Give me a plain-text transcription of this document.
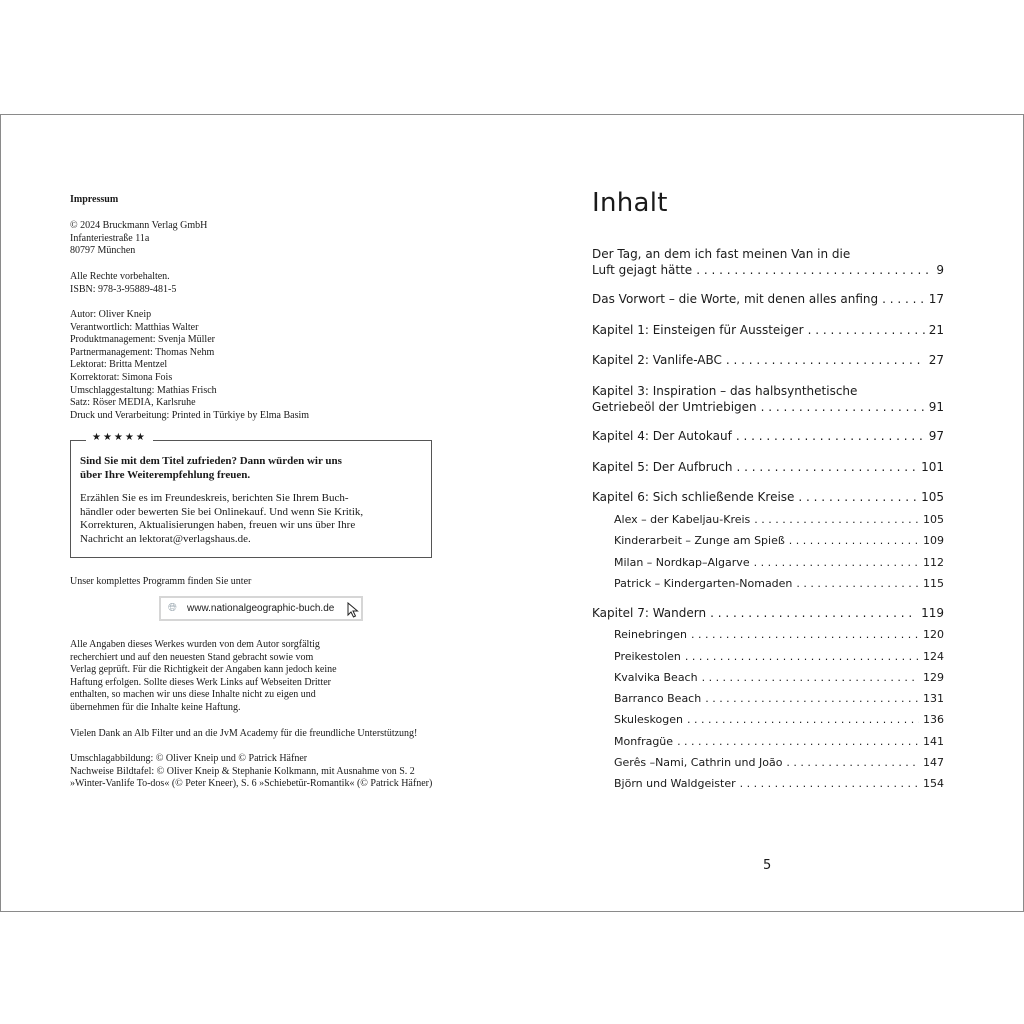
Impressum
© 2024 Bruckmann Verlag GmbH
Infanteriestraße 11a
80797 München
Alle Rechte vorbehalten.
ISBN: 978-3-95889-481-5
Autor: Oliver Kneip
Verantwortlich: Matthias Walter
Produktmanagement: Svenja Müller
Partnermanagement: Thomas Nehm
Lektorat: Britta Mentzel
Korrektorat: Simona Fois
Umschlaggestaltung: Mathias Frisch
Satz: Röser MEDIA, Karlsruhe
Druck und Verarbeitung: Printed in Türkiye by Elma Basim
★★★★★
Sind Sie mit dem Titel zufrieden? Dann würden wir uns
über Ihre Weiterempfehlung freuen.
Erzählen Sie es im Freundeskreis, berichten Sie Ihrem Buch-
händler oder bewerten Sie bei Onlinekauf. Und wenn Sie Kritik,
Korrekturen, Aktualisierungen haben, freuen wir uns über Ihre
Nachricht an lektorat@verlagshaus.de.
Unser komplettes Programm finden Sie unter
🌐︎ www.nationalgeographic-buch.de
Alle Angaben dieses Werkes wurden von dem Autor sorgfältig
recherchiert und auf den neuesten Stand gebracht sowie vom
Verlag geprüft. Für die Richtigkeit der Angaben kann jedoch keine
Haftung erfolgen. Sollte dieses Werk Links auf Webseiten Dritter
enthalten, so machen wir uns diese Inhalte nicht zu eigen und
übernehmen für die Inhalte keine Haftung.
Vielen Dank an Alb Filter und an die JvM Academy für die freundliche Unterstützung!
Umschlagabbildung: © Oliver Kneip und © Patrick Häfner
Nachweise Bildtafel: © Oliver Kneip & Stephanie Kolkmann, mit Ausnahme von S. 2
»Winter-Vanlife To-dos« (© Peter Kneer), S. 6 »Schiebetür-Romantik« (© Patrick Häfner)
Inhalt
Der Tag, an dem ich fast meinen Van in die
Luft gejagt hätte . . .	9
Das Vorwort – die Worte, mit denen alles anfing . . .	17
Kapitel 1: Einsteigen für Aussteiger . . .	21
Kapitel 2: Vanlife-ABC . . .	27
Kapitel 3: Inspiration – das halbsynthetische
Getriebeöl der Umtriebigen . . .	91
Kapitel 4: Der Autokauf . . .	97
Kapitel 5: Der Aufbruch . . .	101
Kapitel 6: Sich schließende Kreise . . .	105
Alex – der Kabeljau-Kreis . . .	105
Kinderarbeit – Zunge am Spieß . . .	109
Milan – Nordkap–Algarve . . .	112
Patrick – Kindergarten-Nomaden . . .	115
Kapitel 7: Wandern . . .	119
Reinebringen . . .	120
Preikestolen . . .	124
Kvalvika Beach . . .	129
Barranco Beach . . .	131
Skuleskogen . . .	136
Monfragüe . . .	141
Gerês –Nami, Cathrin und João . . .	147
Björn und Waldgeister . . .	154
5
